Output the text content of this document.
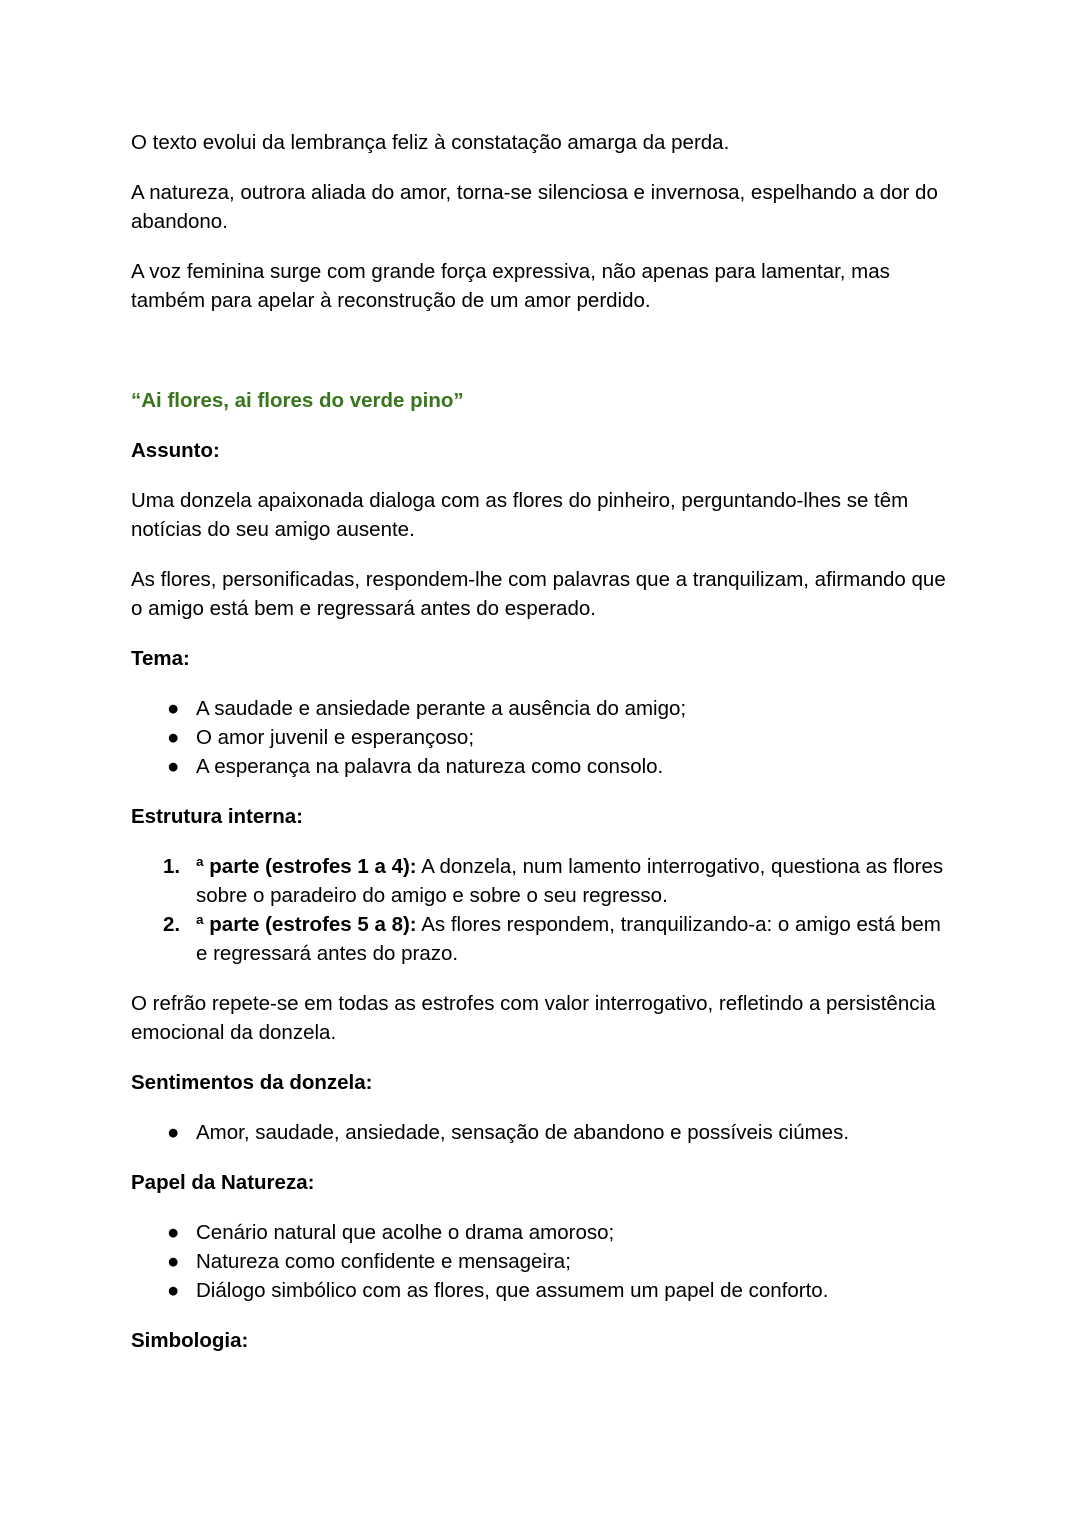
O texto evolui da lembrança feliz à constatação amarga da perda.

A natureza, outrora aliada do amor, torna-se silenciosa e invernosa, espelhando a dor do abandono.

A voz feminina surge com grande força expressiva, não apenas para lamentar, mas também para apelar à reconstrução de um amor perdido.

“Ai flores, ai flores do verde pino”

Assunto:

Uma donzela apaixonada dialoga com as flores do pinheiro, perguntando-lhes se têm notícias do seu amigo ausente.

As flores, personificadas, respondem-lhe com palavras que a tranquilizam, afirmando que o amigo está bem e regressará antes do esperado.

Tema:

● A saudade e ansiedade perante a ausência do amigo;
● O amor juvenil e esperançoso;
● A esperança na palavra da natureza como consolo.

Estrutura interna:

1. ª parte (estrofes 1 a 4): A donzela, num lamento interrogativo, questiona as flores sobre o paradeiro do amigo e sobre o seu regresso.
2. ª parte (estrofes 5 a 8): As flores respondem, tranquilizando-a: o amigo está bem e regressará antes do prazo.

O refrão repete-se em todas as estrofes com valor interrogativo, refletindo a persistência emocional da donzela.

Sentimentos da donzela:

● Amor, saudade, ansiedade, sensação de abandono e possíveis ciúmes.

Papel da Natureza:

● Cenário natural que acolhe o drama amoroso;
● Natureza como confidente e mensageira;
● Diálogo simbólico com as flores, que assumem um papel de conforto.

Simbologia:
